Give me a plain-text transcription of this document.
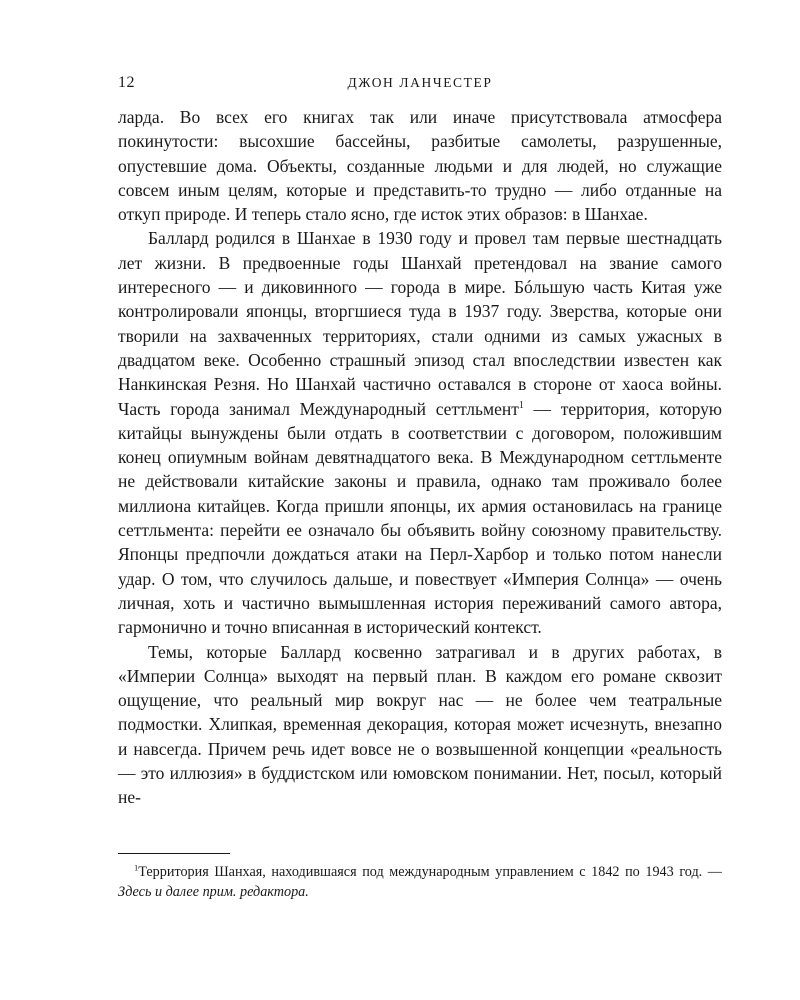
12	ДЖОН ЛАНЧЕСТЕР

ларда. Во всех его книгах так или иначе присутствовала атмосфера покинутости: высохшие бассейны, разбитые самолеты, разрушенные, опустевшие дома. Объекты, созданные людьми и для людей, но служащие совсем иным целям, которые и представить-то трудно — либо отданные на откуп природе. И теперь стало ясно, где исток этих образов: в Шанхае.

Баллард родился в Шанхае в 1930 году и провел там первые шестнадцать лет жизни. В предвоенные годы Шанхай претендовал на звание самого интересного — и диковинного — города в мире. Бóльшую часть Китая уже контролировали японцы, вторгшиеся туда в 1937 году. Зверства, которые они творили на захваченных территориях, стали одними из самых ужасных в двадцатом веке. Особенно страшный эпизод стал впоследствии известен как Нанкинская Резня. Но Шанхай частично оставался в стороне от хаоса войны. Часть города занимал Международный сеттльмент$^1$ — территория, которую китайцы вынуждены были отдать в соответствии с договором, положившим конец опиумным войнам девятнадцатого века. В Международном сеттльменте не действовали китайские законы и правила, однако там проживало более миллиона китайцев. Когда пришли японцы, их армия остановилась на границе сеттльмента: перейти ее означало бы объявить войну союзному правительству. Японцы предпочли дождаться атаки на Перл-Харбор и только потом нанесли удар. О том, что случилось дальше, и повествует «Империя Солнца» — очень личная, хоть и частично вымышленная история переживаний самого автора, гармонично и точно вписанная в исторический контекст.

Темы, которые Баллард косвенно затрагивал и в других работах, в «Империи Солнца» выходят на первый план. В каждом его романе сквозит ощущение, что реальный мир вокруг нас — не более чем театральные подмостки. Хлипкая, временная декорация, которая может исчезнуть, внезапно и навсегда. Причем речь идет вовсе не о возвышенной концепции «реальность — это иллюзия» в буддистском или юмовском понимании. Нет, посыл, который не-

$^1$Территория Шанхая, находившаяся под международным управлением с 1842 по 1943 год. — Здесь и далее прим. редактора.
